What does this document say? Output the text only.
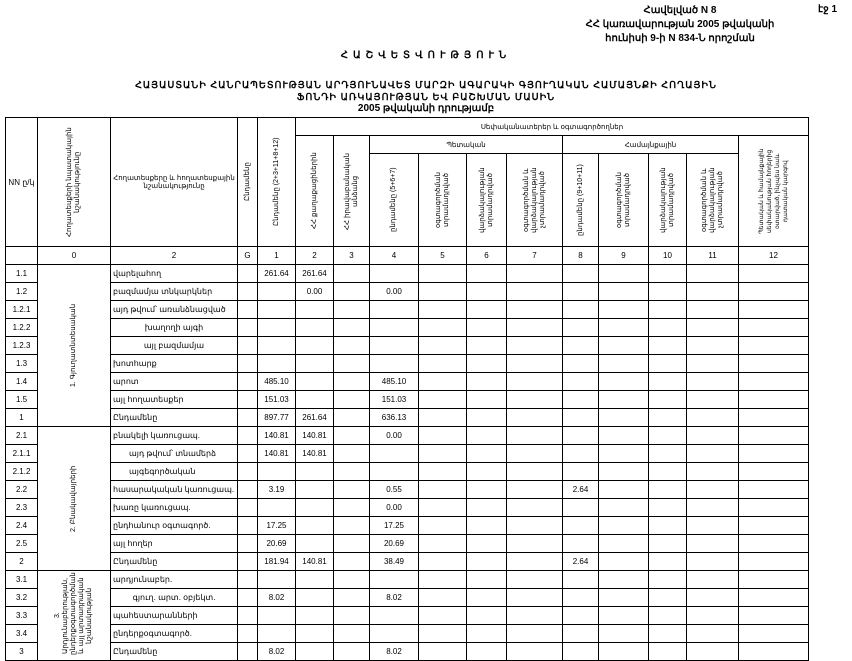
Հավելված N 8
ՀՀ կառավարության 2005 թվականի
հունիսի 9-ի N 834-Ն որոշման
էջ 1
ՀԱՇՎԵՏՎՈՒԹՅՈՒՆ
ՀԱՅԱՍՏԱՆԻ ՀԱՆՐԱՊԵՏՈՒԹՅԱՆ ԱՐԴՅՈՒՆԱՎԵՏ ՄԱՐԶԻ ԱԳԱՐԱԿԻ ԳՅՈՒՂԱԿԱՆ ՀԱՄԱՅՆՔԻ ՀՈՂԱՅԻՆ
ՖՈՆԴԻ ԱՌԿԱՅՈՒԹՅԱՆ ԵՎ ԲԱՇԽՄԱՆ ՄԱՍԻՆ
2005 թվականի դրությամբ
NN ը/կ	Հողատեսքերի նպատակային նշանակությունը	Հողատեսքերը և հողատեսքային նշանակությունը	Ընդամենը	Ընդամենը (2+3+11+8+12)	Սեփականատերեր և օգտագործողներ										

					ՀՀ քաղաքացիներին	ՀՀ իրավաբանական անձանց	Պետական				Համայնքային				Պետական և համայնքային սեփականության հողերից օտարված, ինչպես նաև դատական կարգով

							ընդամենը (5+6+7)	օգտագործման տրամադրված	վարձակալության տրամադրված	օգտագործման և վարձակալության չտրամադրված	ընդամենը (9+10+11)	օգտագործման տրամադրված	վարձակալության տրամադրված	օգտագործման և վարձակալության չտրամադրված	

	0	2	G	1	2	3	4	5	6	7	8	9	10	11	12
1.1	1. Գյուղատնտեսական	վարելահող		261.64	261.64										
1.2		բազմամյա տնկարկներ			0.00		0.00								
1.2.1		այդ թվում՝ առանձնացված													
1.2.2		խաղողի այգի													
1.2.3		այլ բազմամյա													
1.3		խոտհարք													
1.4		արոտ		485.10			485.10								
1.5		այլ հողատեսքեր		151.03			151.03								
1		Ընդամենը		897.77	261.64		636.13								
2.1	2. Բնակավայրերի	բնակելի կառուցապ.		140.81	140.81		0.00								
2.1.1		այդ թվում՝ տնամերձ		140.81	140.81										
2.1.2		այգեգործական													
2.2		հասարակական կառուցապ.		3.19			0.55				2.64				
2.3		խառը կառուցապ.					0.00								
2.4		ընդհանուր օգտագործ.		17.25			17.25								
2.5		այլ հողեր		20.69			20.69								
2		Ընդամենը		181.94	140.81		38.49				2.64				
3.1	3. Արդյունաբերության, ընդերքօգտագործման և այլ արտադրական նշանակության	արդյունաբեր.													
3.2		գյուղ. արտ. օբյեկտ.		8.02			8.02								
3.3		պահեստարանների													
3.4		ընդերքօգտագործ.													
3		Ընդամենը		8.02			8.02								
